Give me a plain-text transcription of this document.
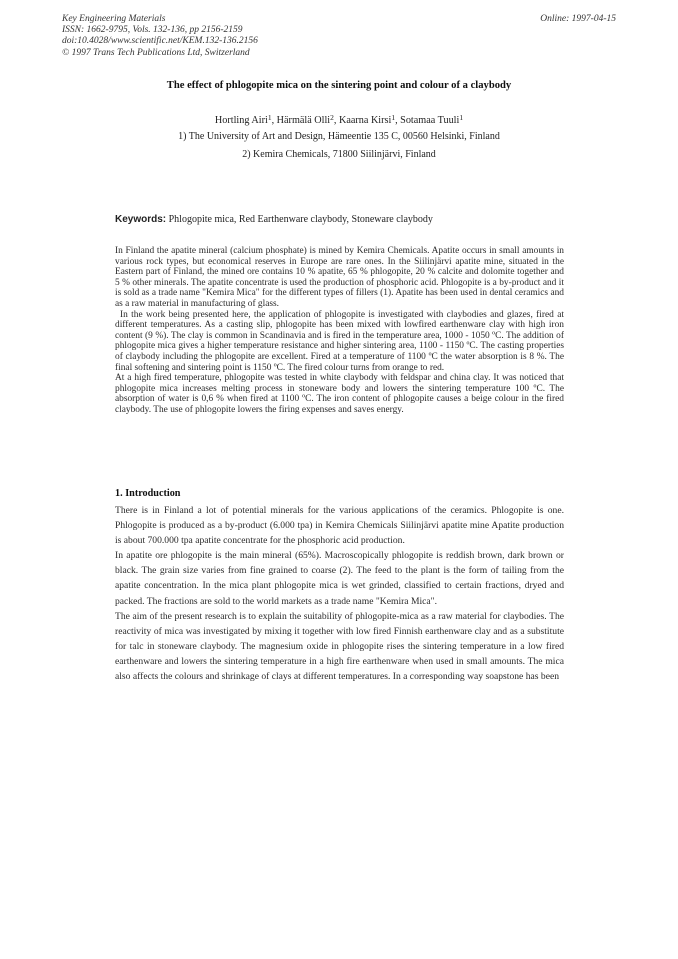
Key Engineering Materials
ISSN: 1662-9795, Vols. 132-136, pp 2156-2159
doi:10.4028/www.scientific.net/KEM.132-136.2156
© 1997 Trans Tech Publications Ltd, Switzerland
Online: 1997-04-15
The effect of phlogopite mica on the sintering point and colour of a claybody
Hortling Airi$^1$, Härmälä Olli$^2$, Kaarna Kirsi$^1$, Sotamaa Tuuli$^1$
1) The University of Art and Design, Hämeentie 135 C, 00560 Helsinki, Finland
2) Kemira Chemicals, 71800 Siilinjärvi, Finland
Keywords: Phlogopite mica, Red Earthenware claybody, Stoneware claybody

In Finland the apatite mineral (calcium phosphate) is mined by Kemira Chemicals. Apatite occurs in small amounts in various rock types, but economical reserves in Europe are rare ones. In the Siilinjärvi apatite mine, situated in the Eastern part of Finland, the mined ore contains 10 % apatite, 65 % phlogopite, 20 % calcite and dolomite together and 5 % other minerals. The apatite concentrate is used the production of phosphoric acid. Phlogopite is a by-product and it is sold as a trade name "Kemira Mica" for the different types of fillers (1). Apatite has been used in dental ceramics and as a raw material in manufacturing of glass.

In the work being presented here, the application of phlogopite is investigated with claybodies and glazes, fired at different temperatures. As a casting slip, phlogopite has been mixed with lowfired earthenware clay with high iron content (9 %). The clay is common in Scandinavia and is fired in the temperature area, 1000 - 1050 ºC. The addition of phlogopite mica gives a higher temperature resistance and higher sintering area, 1100 - 1150 ºC. The casting properties of claybody including the phlogopite are excellent. Fired at a temperature of 1100 ºC the water absorption is 8 %. The final softening and sintering point is 1150 ºC. The fired colour turns from orange to red.

At a high fired temperature, phlogopite was tested in white claybody with feldspar and china clay. It was noticed that phlogopite mica increases melting process in stoneware body and lowers the sintering temperature 100 ºC. The absorption of water is 0,6 % when fired at 1100 ºC. The iron content of phlogopite causes a beige colour in the fired claybody. The use of phlogopite lowers the firing expenses and saves energy.

1. Introduction

There is in Finland a lot of potential minerals for the various applications of the ceramics. Phlogopite is one. Phlogopite is produced as a by-product (6.000 tpa) in Kemira Chemicals Siilinjärvi apatite mine Apatite production is about 700.000 tpa apatite concentrate for the phosphoric acid production.

In apatite ore phlogopite is the main mineral (65%). Macroscopically phlogopite is reddish brown, dark brown or black. The grain size varies from fine grained to coarse (2). The feed to the plant is the form of tailing from the apatite concentration. In the mica plant phlogopite mica is wet grinded, classified to certain fractions, dryed and packed. The fractions are sold to the world markets as a trade name "Kemira Mica".

The aim of the present research is to explain the suitability of phlogopite-mica as a raw material for claybodies. The reactivity of mica was investigated by mixing it together with low fired Finnish earthenware clay and as a substitute for talc in stoneware claybody. The magnesium oxide in phlogopite rises the sintering temperature in a low fired earthenware and lowers the sintering temperature in a high fire earthenware when used in small amounts. The mica also affects the colours and shrinkage of clays at different temperatures. In a corresponding way soapstone has been
